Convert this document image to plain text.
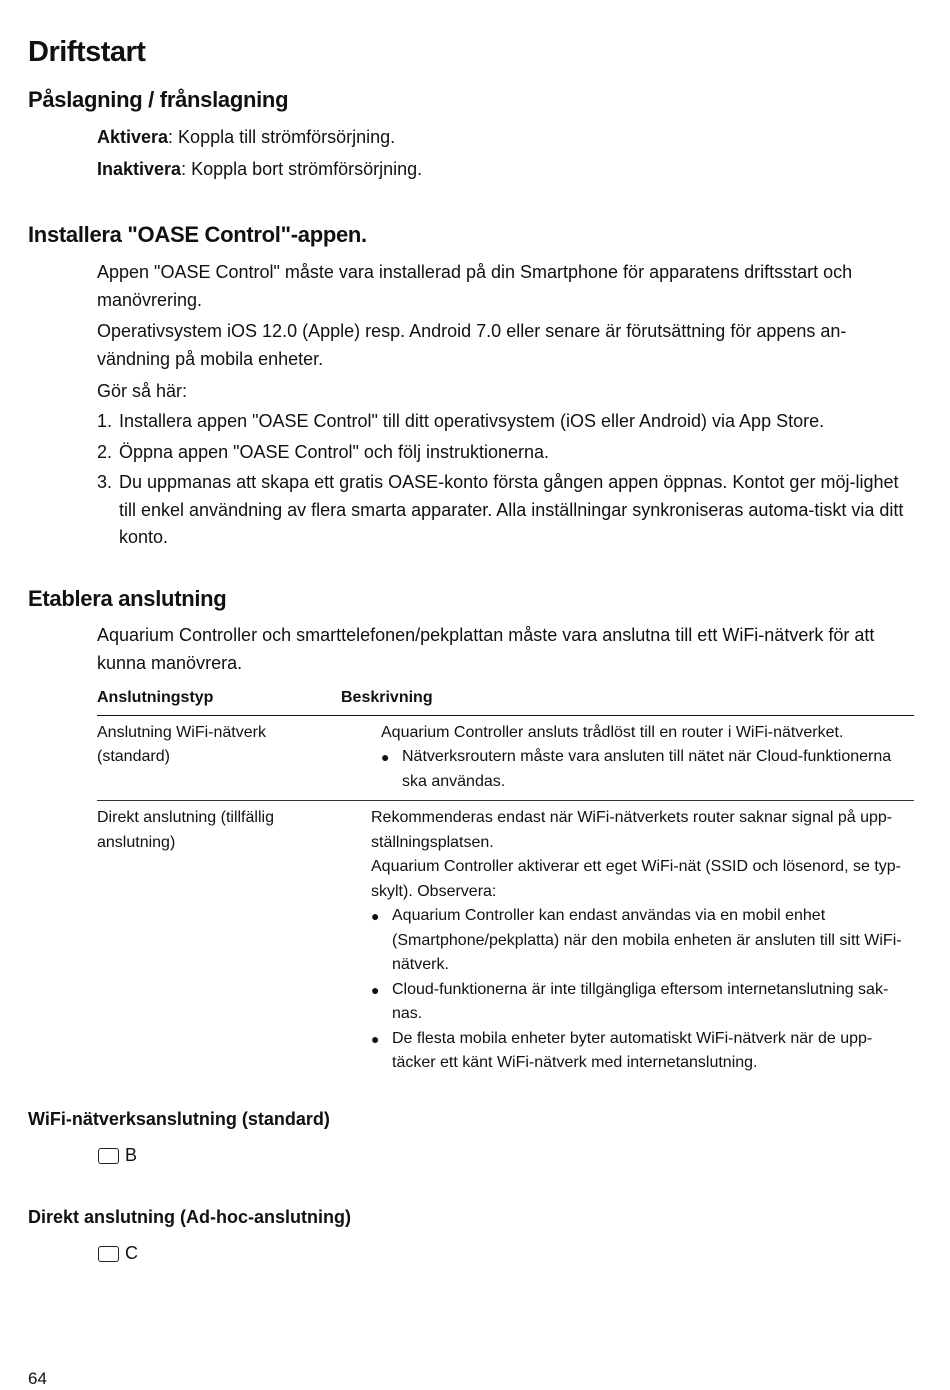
Driftstart
Påslagning / frånslagning

Aktivera: Koppla till strömförsörjning.

Inaktivera: Koppla bort strömförsörjning.

Installera "OASE Control"-appen.

Appen "OASE Control" måste vara installerad på din Smartphone för apparatens driftsstart och manövrering.

Operativsystem iOS 12.0 (Apple) resp. Android 7.0 eller senare är förutsättning för appens an-vändning på mobila enheter.

Gör så här:

1. Installera appen "OASE Control" till ditt operativsystem (iOS eller Android) via App Store.
2. Öppna appen "OASE Control" och följ instruktionerna.
3. Du uppmanas att skapa ett gratis OASE-konto första gången appen öppnas. Kontot ger möj-lighet till enkel användning av flera smarta apparater. Alla inställningar synkroniseras automa-tiskt via ditt konto.
Etablera anslutning

Aquarium Controller och smarttelefonen/pekplattan måste vara anslutna till ett WiFi-nätverk för att kunna manövrera.

Anslutningstyp	Beskrivning
Anslutning WiFi-nätverk (standard)
Aquarium Controller ansluts trådlöst till en router i WiFi-nätverket.
● Nätverksroutern måste vara ansluten till nätet när Cloud-funktionerna ska användas.
Direkt anslutning (tillfällig anslutning)
Rekommenderas endast när WiFi-nätverkets router saknar signal på upp-ställningsplatsen.
Aquarium Controller aktiverar ett eget WiFi-nät (SSID och lösenord, se typ-skylt). Observera:
● Aquarium Controller kan endast användas via en mobil enhet (Smartphone/pekplatta) när den mobila enheten är ansluten till sitt WiFi-nätverk.
● Cloud-funktionerna är inte tillgängliga eftersom internetanslutning sak-nas.
● De flesta mobila enheter byter automatiskt WiFi-nätverk när de upp-täcker ett känt WiFi-nätverk med internetanslutning.
WiFi-nätverksanslutning (standard)
B
Direkt anslutning (Ad-hoc-anslutning)
C
64
